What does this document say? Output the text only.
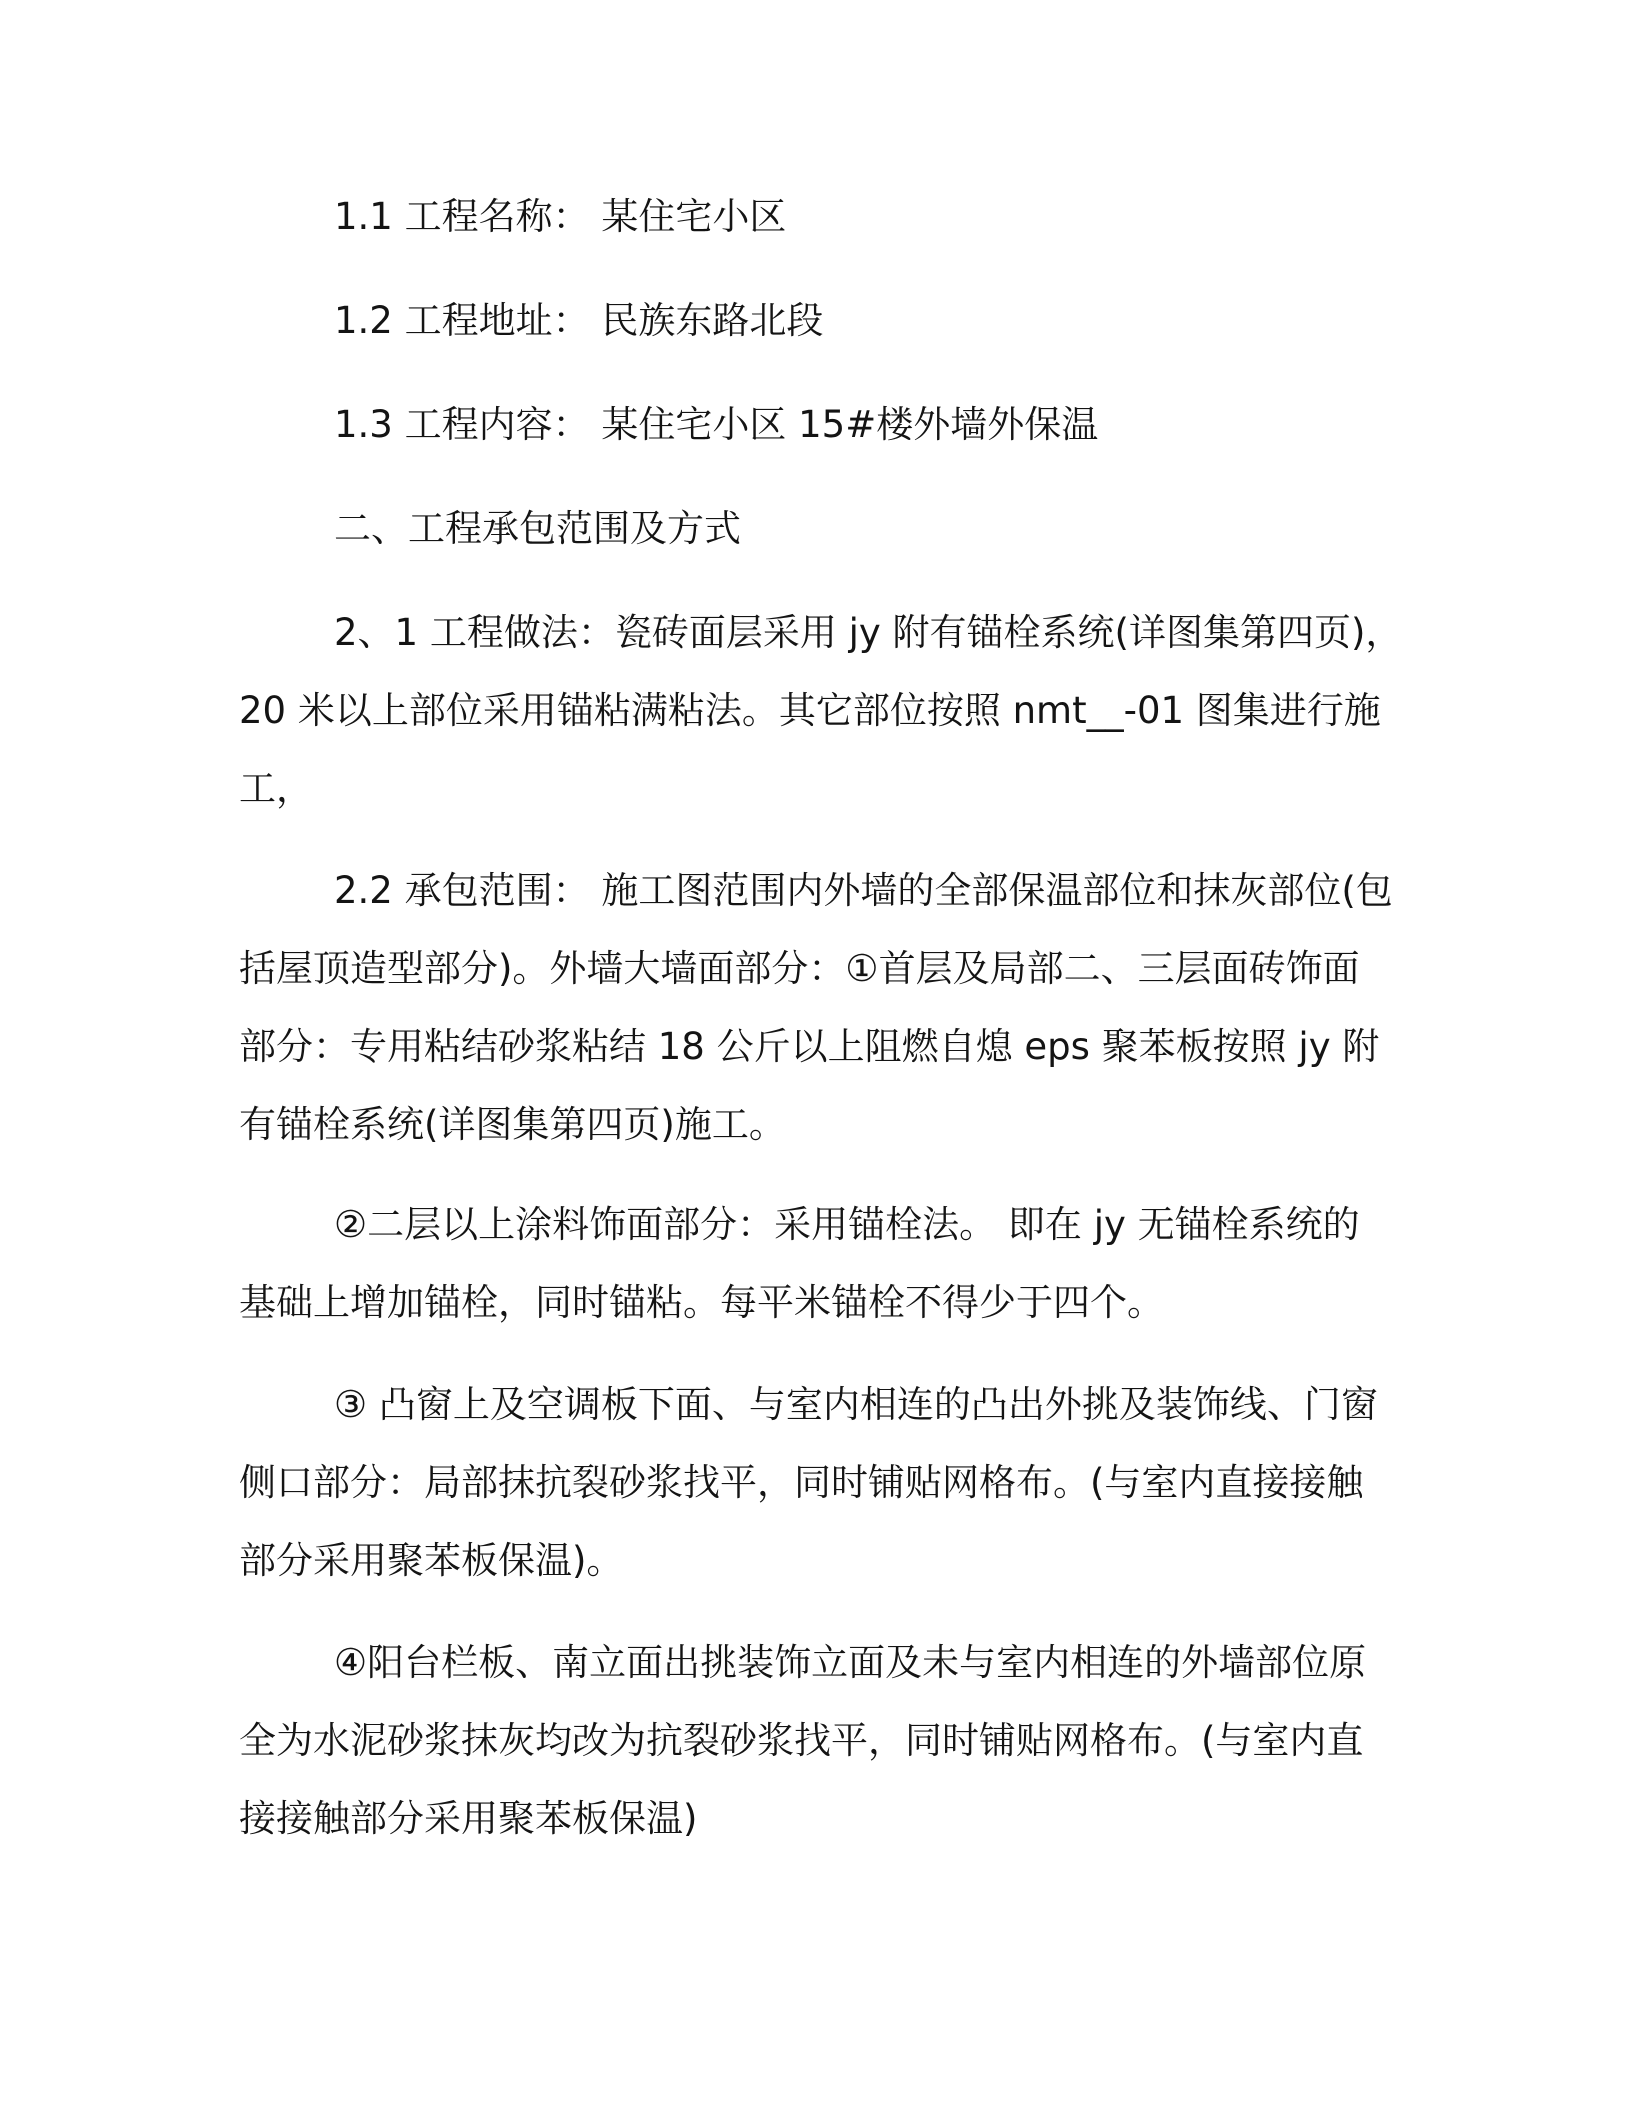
1.1 工程名称： 某住宅小区
1.2 工程地址： 民族东路北段
1.3 工程内容： 某住宅小区 15#楼外墙外保温
二、工程承包范围及方式
2、1 工程做法：瓷砖面层采用 jy 附有锚栓系统(详图集第四页)，
20 米以上部位采用锚粘满粘法。其它部位按照 nmt__-01 图集进行施
工，
2.2 承包范围： 施工图范围内外墙的全部保温部位和抹灰部位(包
括屋顶造型部分)。外墙大墙面部分：①首层及局部二、三层面砖饰面
部分：专用粘结砂浆粘结 18 公斤以上阻燃自熄 eps 聚苯板按照 jy 附
有锚栓系统(详图集第四页)施工。
②二层以上涂料饰面部分：采用锚栓法。 即在 jy 无锚栓系统的
基础上增加锚栓，同时锚粘。每平米锚栓不得少于四个。
③ 凸窗上及空调板下面、与室内相连的凸出外挑及装饰线、门窗
侧口部分：局部抹抗裂砂浆找平，同时铺贴网格布。(与室内直接接触
部分采用聚苯板保温)。
④阳台栏板、南立面出挑装饰立面及未与室内相连的外墙部位原
全为水泥砂浆抹灰均改为抗裂砂浆找平，同时铺贴网格布。(与室内直
接接触部分采用聚苯板保温)
